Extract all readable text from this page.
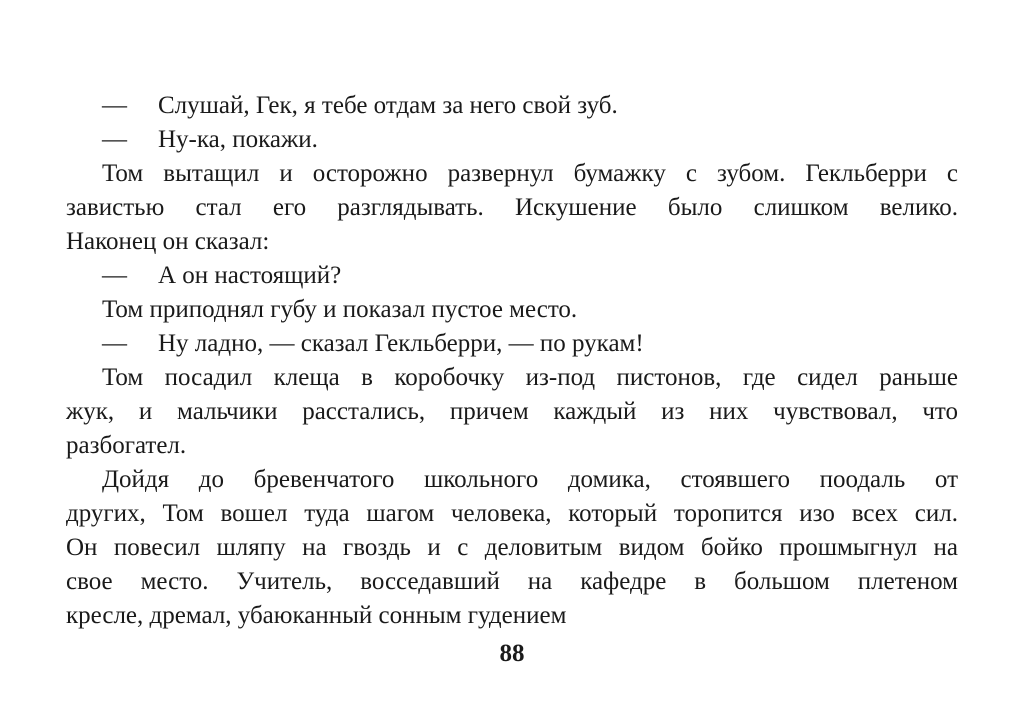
— Слушай, Гек, я тебе отдам за него свой зуб.
— Ну-ка, покажи.
Том вытащил и осторожно развернул бумажку с зубом. Гекльберри с
завистью стал его разглядывать. Искушение было слишком велико.
Наконец он сказал:
— А он настоящий?
Том приподнял губу и показал пустое место.
— Ну ладно, — сказал Гекльберри, — по рукам!
Том посадил клеща в коробочку из-под пистонов, где сидел раньше
жук, и мальчики расстались, причем каждый из них чувствовал, что
разбогател.
Дойдя до бревенчатого школьного домика, стоявшего поодаль от
других, Том вошел туда шагом человека, который торопится изо всех сил.
Он повесил шляпу на гвоздь и с деловитым видом бойко прошмыгнул на
свое место. Учитель, восседавший на кафедре в большом плетеном
кресле, дремал, убаюканный сонным гудением
88
